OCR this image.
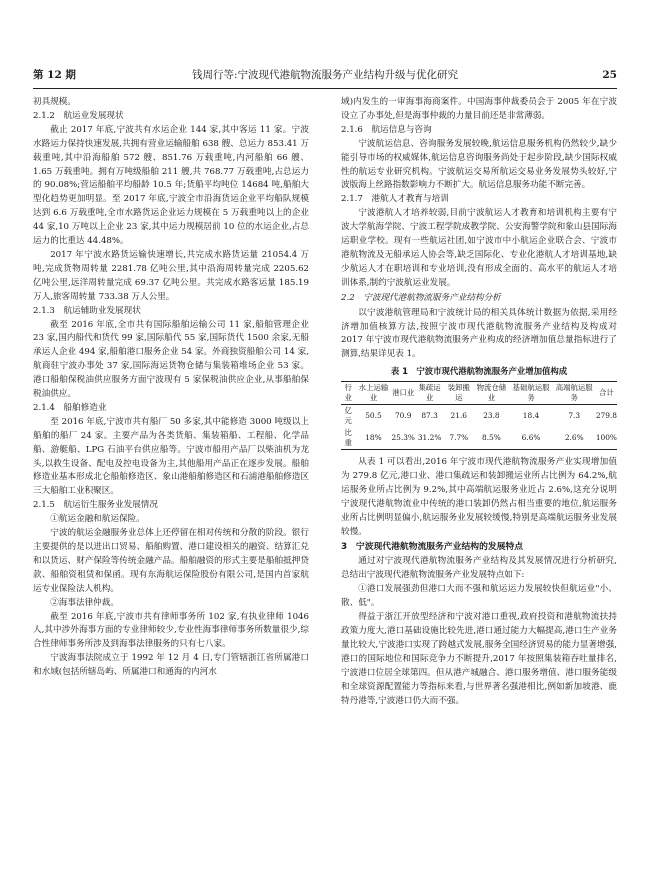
第 12 期	钱周行等:宁波现代港航物流服务产业结构升级与优化研究	25

初具规模。

2.1.2　航运业发展现状

截止 2017 年底,宁波共有水运企业 144 家,其中客运 11 家。宁波水路运力保持快速发展,共拥有营业运输船舶 638 艘、总运力 853.41 万载重吨,其中沿海船舶 572 艘、851.76 万载重吨,内河船舶 66 艘、1.65 万载重吨。拥有万吨级船舶 211 艘,共 768.77 万载重吨,占总运力的 90.08%;营运船舶平均船龄 10.5 年;货船平均吨位 14684 吨,船舶大型化趋势更加明显。至 2017 年底,宁波全市沿海货运企业平均船队规模达到 6.6 万载重吨,全市水路货运企业运力规模在 5 万载重吨以上的企业 44 家,10 万吨以上企业 23 家,其中运力规模居前 10 位的水运企业,占总运力的比重达 44.48%。

2017 年宁波水路货运输快速增长,共完成水路货运量 21054.4 万吨,完成货物周转量 2281.78 亿吨公里,其中沿海周转量完成 2205.62 亿吨公里,远洋周转量完成 69.37 亿吨公里。共完成水路客运量 185.19 万人,旅客周转量 733.38 万人公里。

2.1.3　航运辅助业发展现状

截至 2016 年底,全市共有国际船舶运输公司 11 家,船舶管理企业 23 家,国内船代和货代 99 家,国际船代 55 家,国际货代 1500 余家,无船承运人企业 494 家,船舶港口服务企业 54 家。外商独资船舶公司 14 家,航商驻宁波办事处 37 家,国际海运货物仓储与集装箱堆场企业 53 家。港口船舶保税油供应服务方面宁波现有 5 家保税油供应企业,从事船舶保税油供应。

2.1.4　船舶修造业

至 2016 年底,宁波市共有船厂 50 多家,其中能修造 3000 吨级以上船舶的船厂 24 家。主要产品为各类货船、集装箱船、工程船、化学品船、游艇船、LPG 石油平台供应船等。宁波市船用产品厂以柴油机为龙头,以救生设备、配电及控电设备为主,其他船用产品正在逐步发展。船舶修造业基本形成北仑船舶修造区、象山港船舶修造区和石浦港船舶修造区三大船舶工业积聚区。

2.1.5　航运衍生服务业发展情况

①航运金融和航运保险。

宁波的航运金融服务业总体上还停留在相对传统和分散的阶段。银行主要提供的是以进出口贸易、船舶购置、港口建设相关的融资、结算汇兑和以货运、财产保险等传统金融产品。船舶融资的形式主要是船舶抵押贷款、船舶资租赁和保函。现有东海航运保险股份有限公司,是国内首家航运专业保险法人机构。

②海事法律仲裁。

截至 2016 年底,宁波市共有律师事务所 102 家,有执业律师 1046 人,其中涉外海事方面的专业律师较少,专业性海事律师事务所数量很少,综合性律师事务所涉及到海事法律服务的只有七八家。

宁波海事法院成立于 1992 年 12 月 4 日,专门管辖浙江省所属港口和水域(包括所辖岛屿、所属港口和通海的内河水

域)内发生的一审海事海商案件。中国海事仲裁委员会于 2005 年在宁波设立了办事处,但是海事仲裁的力量目前还是非常薄弱。

2.1.6　航运信息与咨询

宁波航运信息、咨询服务发展较晚,航运信息服务机构仍然较少,缺少能引导市场的权威媒体,航运信息咨询服务尚处于起步阶段,缺少国际权威性的航运专业研究机构。宁波航运交易所航运交易业务发展势头较好,宁波版海上丝路指数影响力不断扩大。航运信息服务功能不断完善。

2.1.7　港航人才教育与培训

宁波港航人才培养较弱,目前宁波航运人才教育和培训机构主要有宁波大学航海学院、宁波工程学院成教学院、公安海警学院和象山县国际海运职业学校。现有一些航运社团,如宁波市中小航运企业联合会、宁波市港航物流及无船承运人协会等,缺乏国际化、专业化港航人才培训基地,缺少航运人才在职培训和专业培训,没有形成全面的、高水平的航运人才培训体系,制约宁波航运业发展。

2.2　宁波现代港航物流服务产业结构分析

以宁波港航管理局和宁波统计局的相关具体统计数据为依据,采用经济增加值核算方法,按照宁波市现代港航物流服务产业结构及构成对 2017 年宁波市现代港航物流服务产业构成的经济增加值总量指标进行了测算,结果详见表 1。

表 1　宁波市现代港航物流服务产业增加值构成
行业	水上运输业	港口业	集疏运业	装卸搬运	物流仓储业	基础航运服务	高端航运服务	合计
亿元	50.5	70.9	87.3	21.6	23.8	18.4	7.3	279.8
比重	18%	25.3%	31.2%	7.7%	8.5%	6.6%	2.6%	100%

从表 1 可以看出,2016 年宁波市现代港航物流服务产业实现增加值为 279.8 亿元,港口业、港口集疏运和装卸搬运业所占比例为 64.2%,航运服务业所占比例为 9.2%,其中高端航运服务业近占 2.6%,这充分说明宁波现代港航物流业中传统的港口装卸仍然占相当重要的地位,航运服务业所占比例明显偏小,航运服务业发展较缓慢,特别是高端航运服务业发展较慢。

3　宁波现代港航物流服务产业结构的发展特点

通过对宁波现代港航物流服务产业结构及其发展情况进行分析研究,总结出宁波现代港航物流服务产业发展特点如下:

①港口发展强劲但港口大而不强和航运运力发展较快但航运业"小、散、低"。

得益于浙江开放型经济和宁波对港口重视,政府投资和港航物流扶持政策力度大,港口基础设施比较先进,港口通过能力大幅提高,港口生产业务量比较大,宁波港口实现了跨越式发展,服务全国经济贸易的能力显著增强,港口的国际地位和国际竞争力不断提升,2017 年按照集装箱吞吐量排名,宁波港口位居全球第四。但从港产城融合、港口服务增值、港口服务能级和全球资源配置能力等指标来看,与世界著名强港相比,例如新加坡港、鹿特丹港等,宁波港口仍大而不强。
